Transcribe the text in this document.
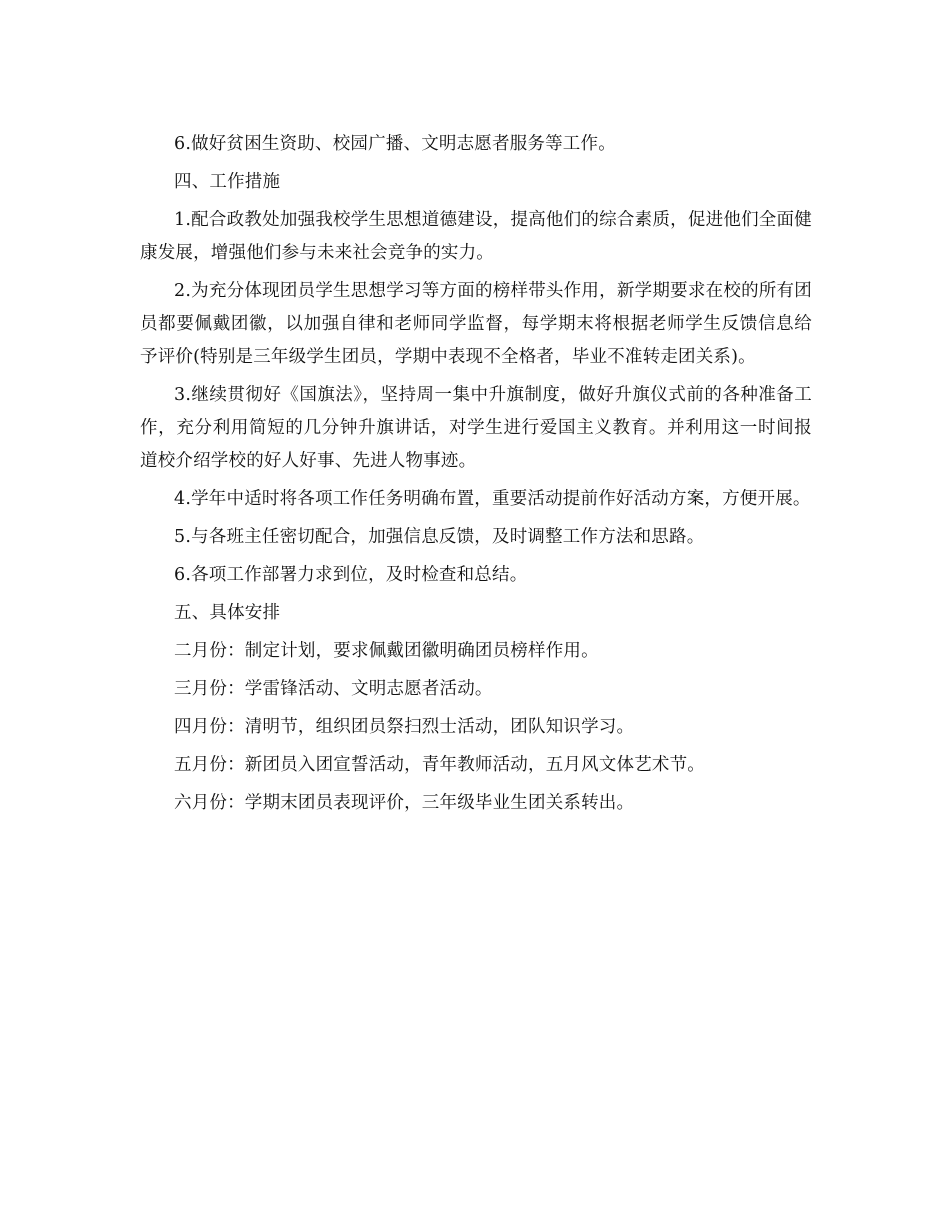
6.做好贫困生资助、校园广播、文明志愿者服务等工作。

四、工作措施

1.配合政教处加强我校学生思想道德建设，提高他们的综合素质，促进他们全面健康发展，增强他们参与未来社会竞争的实力。

2.为充分体现团员学生思想学习等方面的榜样带头作用，新学期要求在校的所有团员都要佩戴团徽，以加强自律和老师同学监督，每学期末将根据老师学生反馈信息给予评价(特别是三年级学生团员，学期中表现不全格者，毕业不准转走团关系)。

3.继续贯彻好《国旗法》，坚持周一集中升旗制度，做好升旗仪式前的各种准备工作，充分利用简短的几分钟升旗讲话，对学生进行爱国主义教育。并利用这一时间报道校介绍学校的好人好事、先进人物事迹。

4.学年中适时将各项工作任务明确布置，重要活动提前作好活动方案，方便开展。

5.与各班主任密切配合，加强信息反馈，及时调整工作方法和思路。

6.各项工作部署力求到位，及时检查和总结。

五、具体安排

二月份：制定计划，要求佩戴团徽明确团员榜样作用。

三月份：学雷锋活动、文明志愿者活动。

四月份：清明节，组织团员祭扫烈士活动，团队知识学习。

五月份：新团员入团宣誓活动，青年教师活动，五月风文体艺术节。

六月份：学期末团员表现评价，三年级毕业生团关系转出。
